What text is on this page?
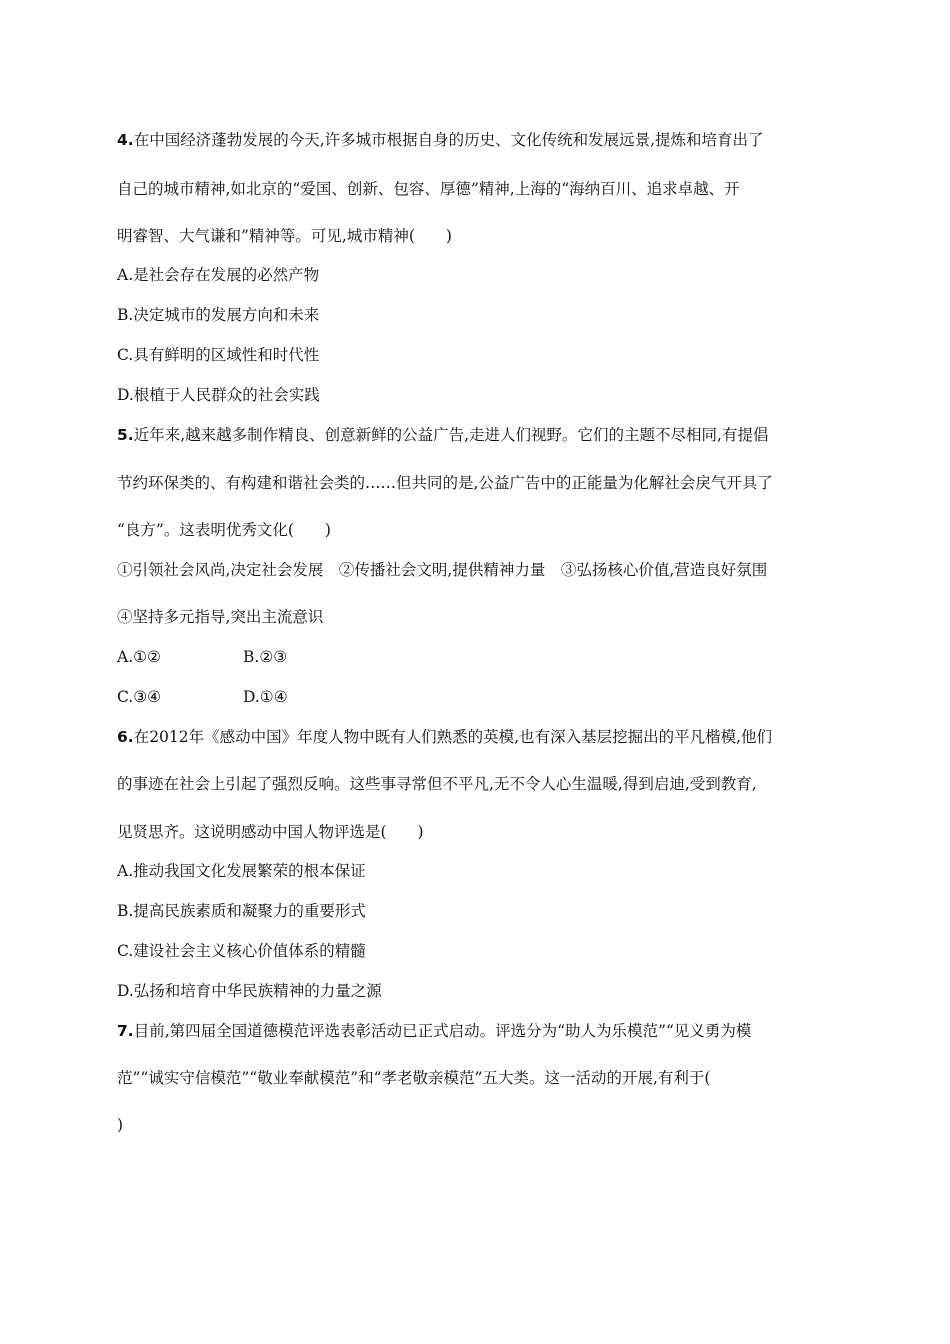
4.在中国经济蓬勃发展的今天,许多城市根据自身的历史、文化传统和发展远景,提炼和培育出了
自己的城市精神,如北京的“爱国、创新、包容、厚德”精神,上海的“海纳百川、追求卓越、开
明睿智、大气谦和”精神等。可见,城市精神(　　)
A.是社会存在发展的必然产物
B.决定城市的发展方向和未来
C.具有鲜明的区域性和时代性
D.根植于人民群众的社会实践
5.近年来,越来越多制作精良、创意新鲜的公益广告,走进人们视野。它们的主题不尽相同,有提倡
节约环保类的、有构建和谐社会类的……但共同的是,公益广告中的正能量为化解社会戾气开具了
“良方”。这表明优秀文化(　　)
①引领社会风尚,决定社会发展　②传播社会文明,提供精神力量　③弘扬核心价值,营造良好氛围
④坚持多元指导,突出主流意识
A.①②	B.②③
C.③④	D.①④
6.在2012年《感动中国》年度人物中既有人们熟悉的英模,也有深入基层挖掘出的平凡楷模,他们
的事迹在社会上引起了强烈反响。这些事寻常但不平凡,无不令人心生温暖,得到启迪,受到教育,
见贤思齐。这说明感动中国人物评选是(　　)
A.推动我国文化发展繁荣的根本保证
B.提高民族素质和凝聚力的重要形式
C.建设社会主义核心价值体系的精髓
D.弘扬和培育中华民族精神的力量之源
7.目前,第四届全国道德模范评选表彰活动已正式启动。评选分为“助人为乐模范”“见义勇为模
范”“诚实守信模范”“敬业奉献模范”和“孝老敬亲模范”五大类。这一活动的开展,有利于(
)
